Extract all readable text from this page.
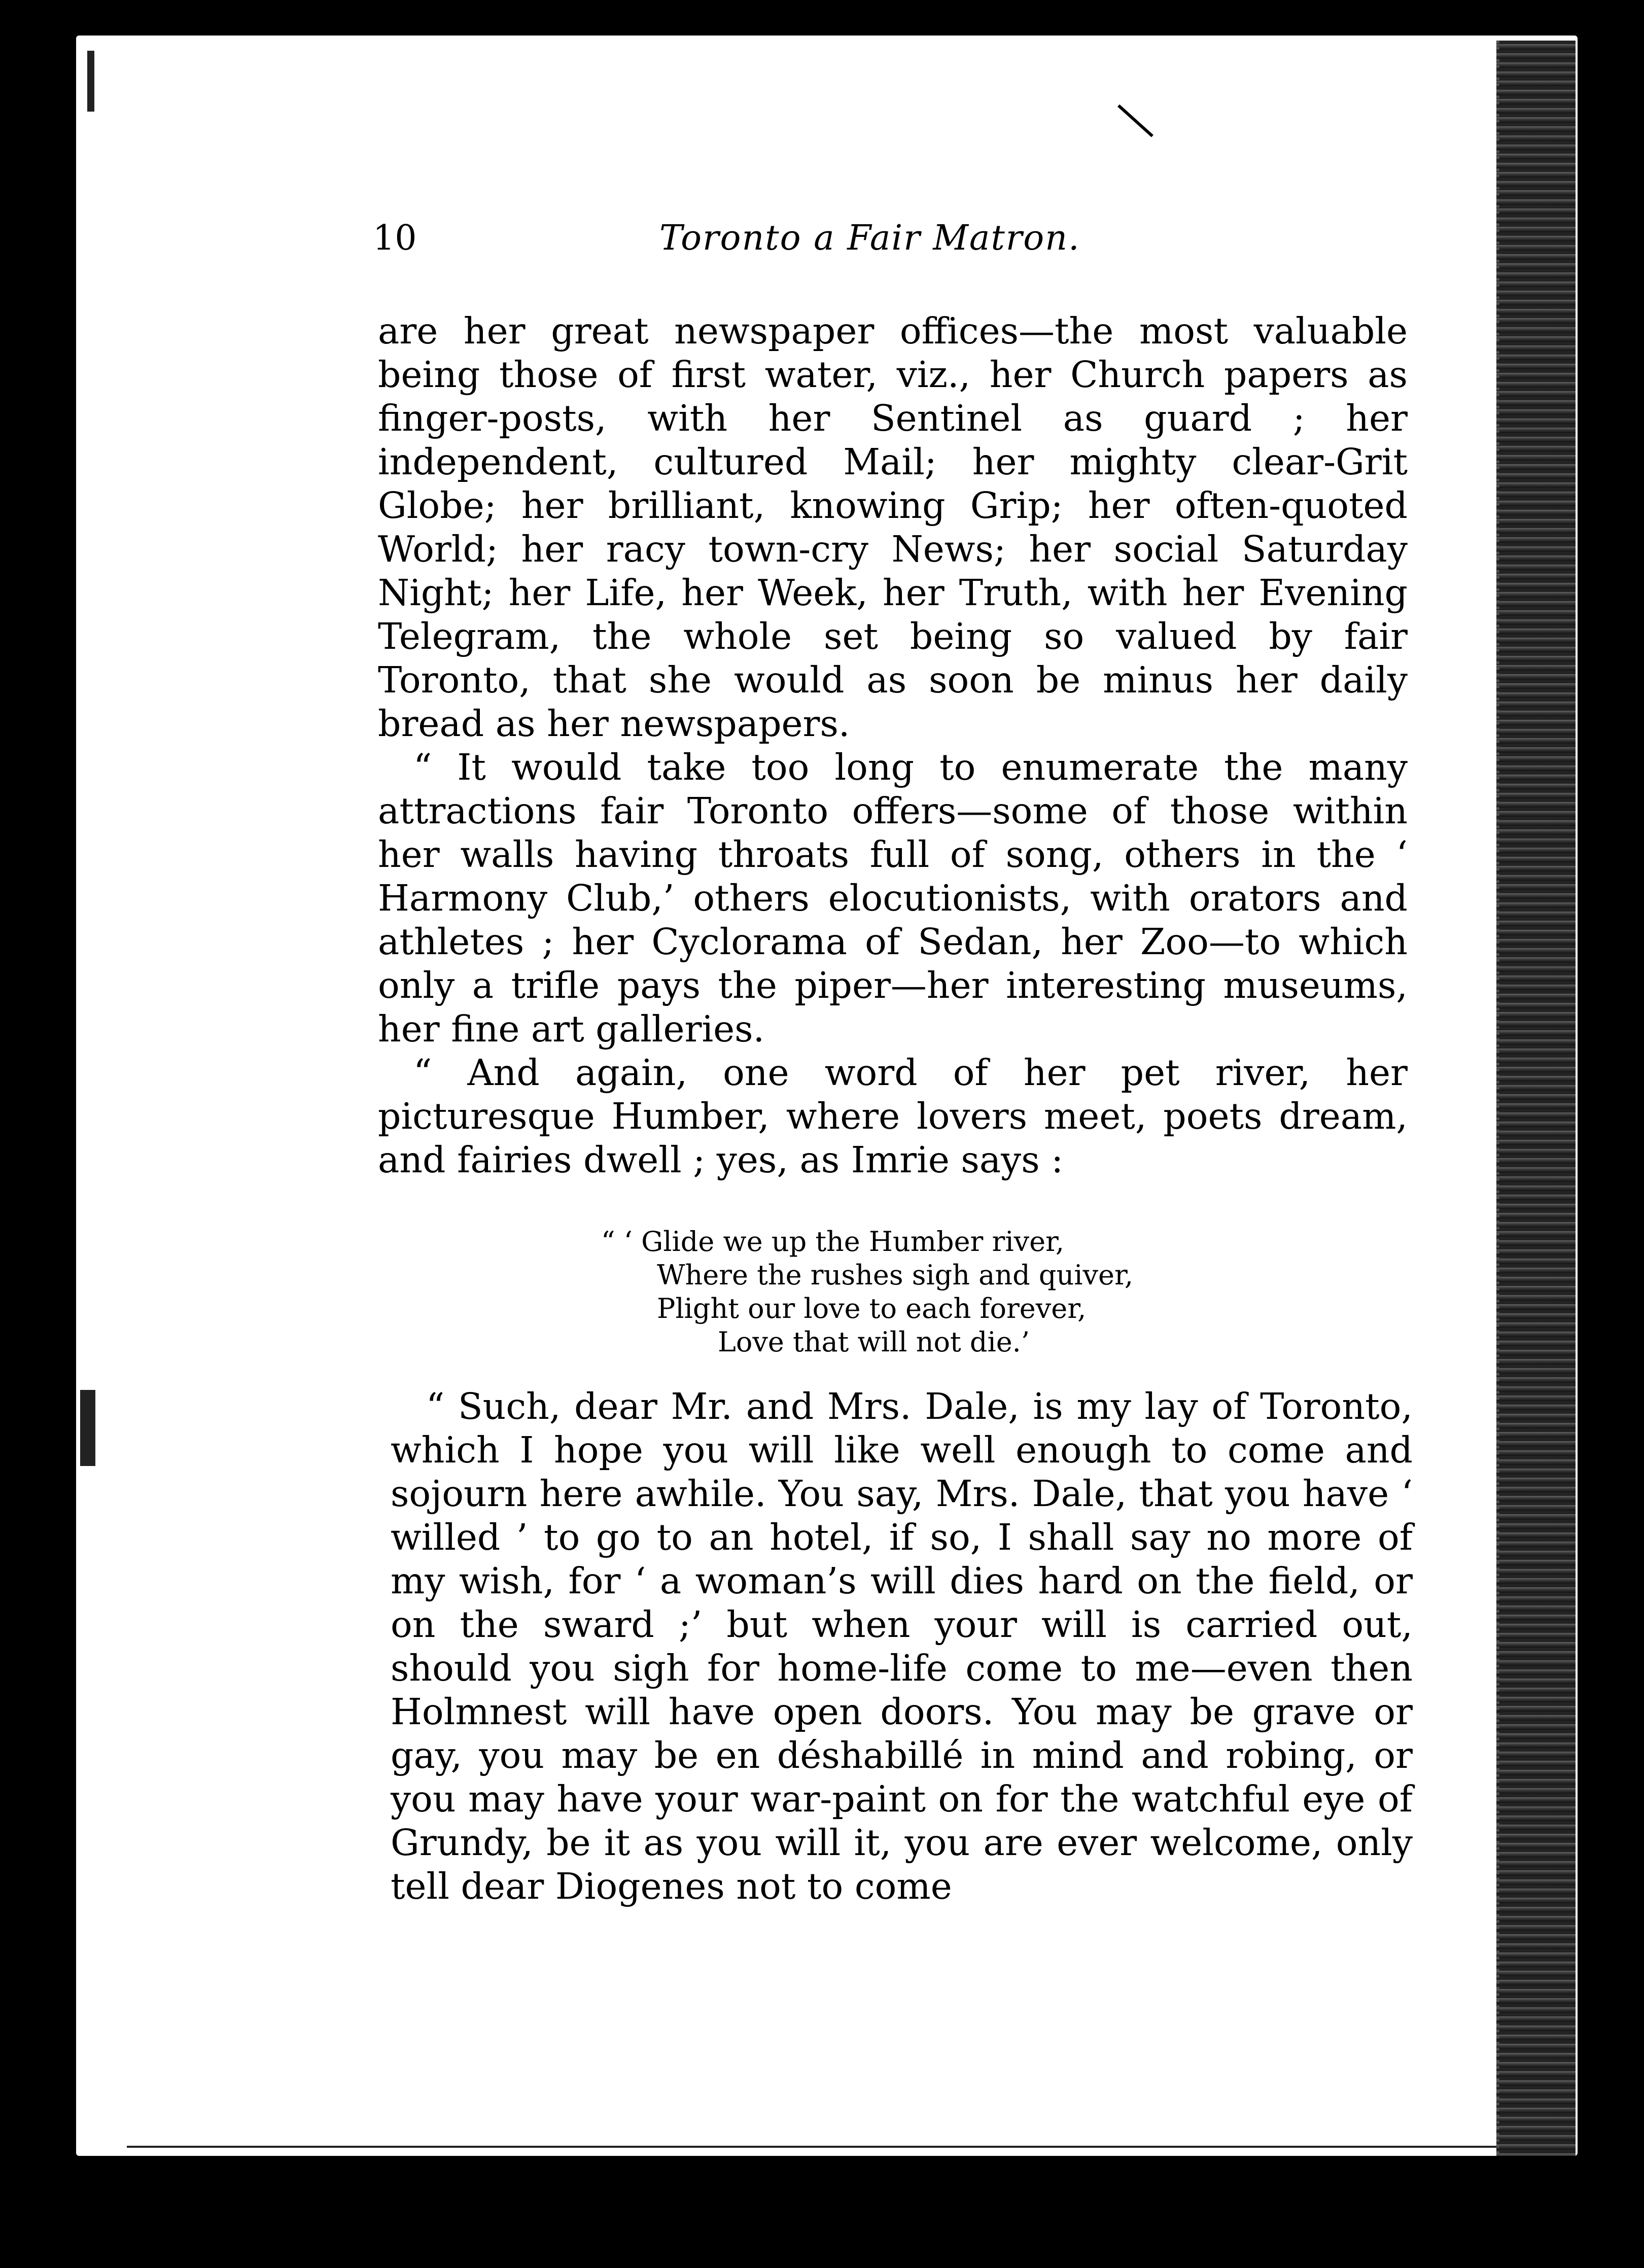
10	Toronto a Fair Matron.

are her great newspaper offices—the most valuable being those of first water, viz., her Church papers as finger-posts, with her Sentinel as guard ; her independent, cultured Mail; her mighty clear-Grit Globe; her brilliant, knowing Grip; her often-quoted World; her racy town-cry News; her social Saturday Night; her Life, her Week, her Truth, with her Evening Telegram, the whole set being so valued by fair Toronto, that she would as soon be minus her daily bread as her newspapers.

“ It would take too long to enumerate the many attractions fair Toronto offers—some of those within her walls having throats full of song, others in the ‘ Harmony Club,’ others elocutionists, with orators and athletes ; her Cyclorama of Sedan, her Zoo—to which only a trifle pays the piper—her interesting museums, her fine art galleries.

“ And again, one word of her pet river, her picturesque Humber, where lovers meet, poets dream, and fairies dwell ; yes, as Imrie says :

“ ‘ Glide we up the Humber river,
Where the rushes sigh and quiver,
Plight our love to each forever,
Love that will not die.’

“ Such, dear Mr. and Mrs. Dale, is my lay of Toronto, which I hope you will like well enough to come and sojourn here awhile. You say, Mrs. Dale, that you have ‘ willed ’ to go to an hotel, if so, I shall say no more of my wish, for ‘ a woman’s will dies hard on the field, or on the sward ;’ but when your will is carried out, should you sigh for home-life come to me—even then Holmnest will have open doors. You may be grave or gay, you may be en déshabillé in mind and robing, or you may have your war-paint on for the watchful eye of Grundy, be it as you will it, you are ever welcome, only tell dear Diogenes not to come
